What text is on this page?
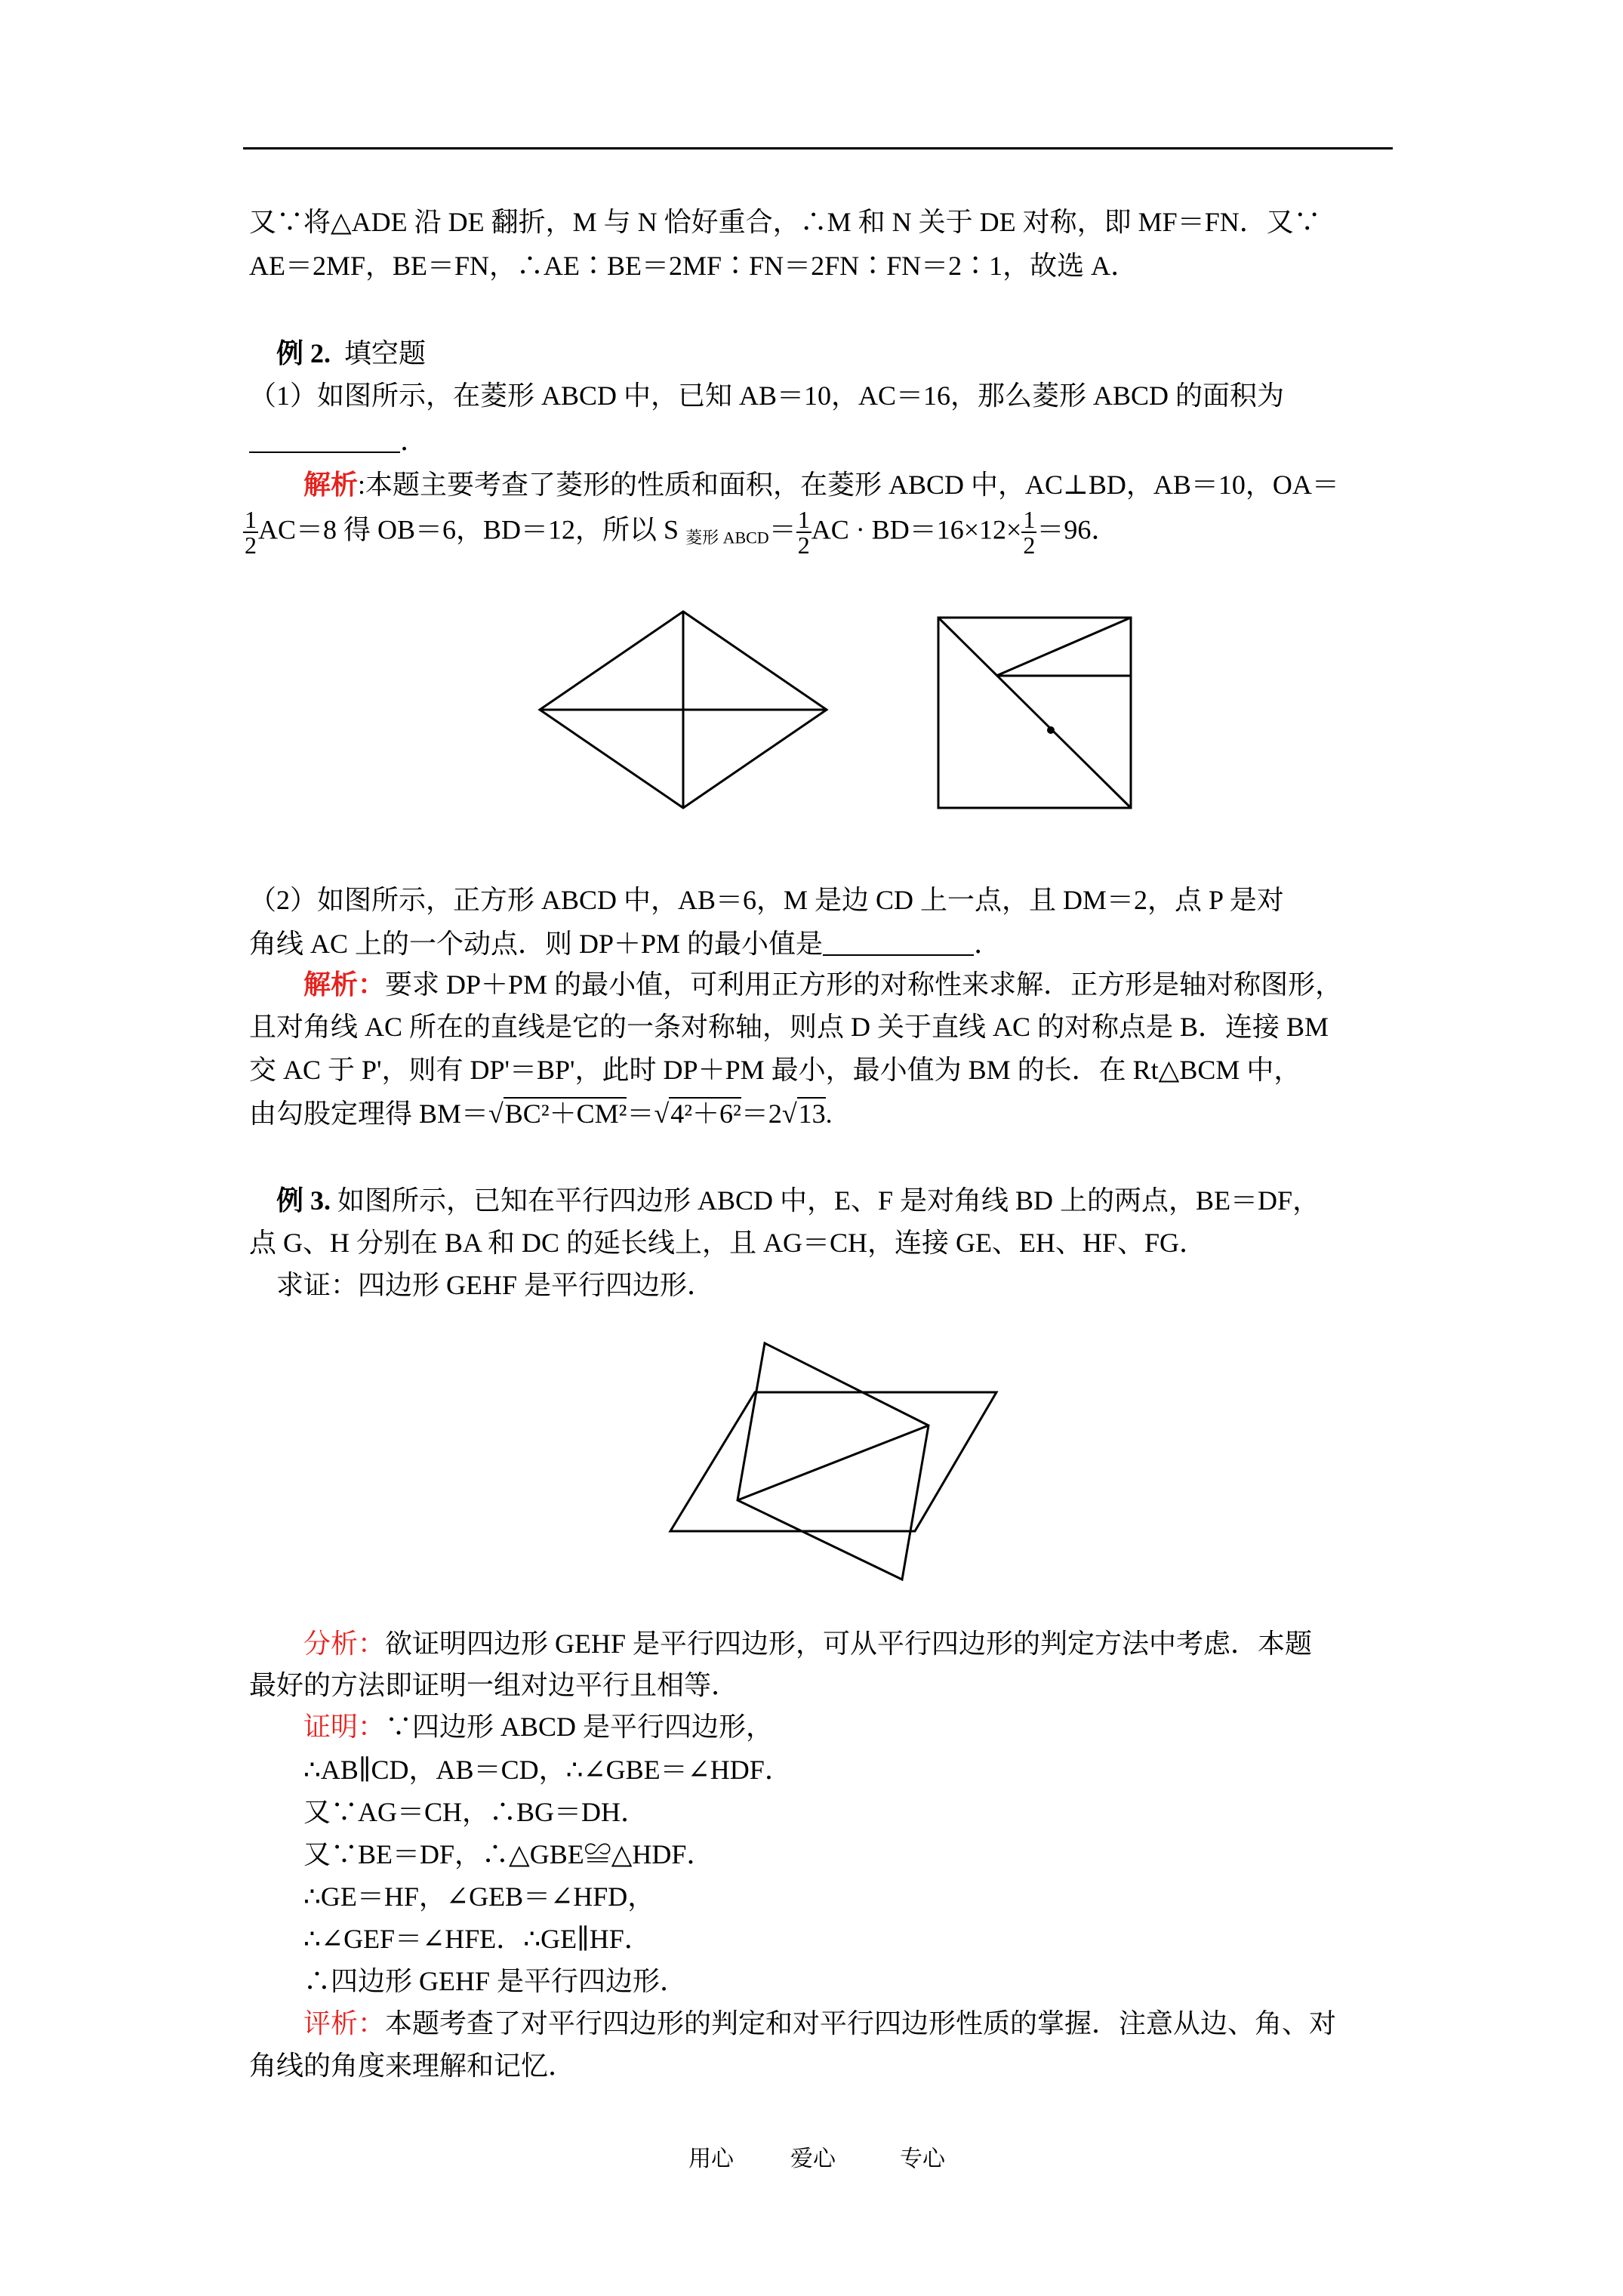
又∵将△ADE 沿 DE 翻折，M 与 N 恰好重合，∴M 和 N 关于 DE 对称，即 MF＝FN．又∵
AE＝2MF，BE＝FN，∴AE∶BE＝2MF∶FN＝2FN∶FN＝2∶1，故选 A．
例 2. 填空题
（1）如图所示，在菱形 ABCD 中，已知 AB＝10，AC＝16，那么菱形 ABCD 的面积为
．
解析:本题主要考查了菱形的性质和面积，在菱形 ABCD 中，AC⊥BD，AB＝10，OA＝
$\frac{1}{2} AC=8$ 得 OB＝6，BD＝12，所以 S $_{菱形 ABCD}= \frac{1}{2}$ AC · $BD=16\times 12\times \frac{1}{2} =96$．
（2）如图所示，正方形 ABCD 中，AB＝6，M 是边 CD 上一点，且 DM＝2，点 P 是对
角线 AC 上的一个动点．则 DP＋PM 的最小值是	．
解析：要求 DP＋PM 的最小值，可利用正方形的对称性来求解．正方形是轴对称图形，
且对角线 AC 所在的直线是它的一条对称轴，则点 D 关于直线 AC 的对称点是 B．连接 BM
交 AC 于 P'，则有 DP'＝BP'，此时 DP＋PM 最小，最小值为 BM 的长．在 Rt△BCM 中，
由勾股定理得 BM＝√BC²＋CM²＝√4²＋6²＝2√13.
例 3. 如图所示，已知在平行四边形 ABCD 中，E、F 是对角线 BD 上的两点，BE＝DF，
点 G、H 分别在 BA 和 DC 的延长线上，且 AG＝CH，连接 GE、EH、HF、FG．
求证：四边形 GEHF 是平行四边形．
分析：欲证明四边形 GEHF 是平行四边形，可从平行四边形的判定方法中考虑．本题
最好的方法即证明一组对边平行且相等．
证明：∵四边形 ABCD 是平行四边形，
∴AB∥CD，AB＝CD，∴∠GBE＝∠HDF．
又∵AG＝CH，∴BG＝DH．
又∵BE＝DF，∴△GBE≌△HDF．
∴GE＝HF，∠GEB＝∠HFD，
∴∠GEF＝∠HFE．∴GE∥HF．
∴四边形 GEHF 是平行四边形．
评析：本题考查了对平行四边形的判定和对平行四边形性质的掌握．注意从边、角、对
角线的角度来理解和记忆．
用心	爱心	专心
